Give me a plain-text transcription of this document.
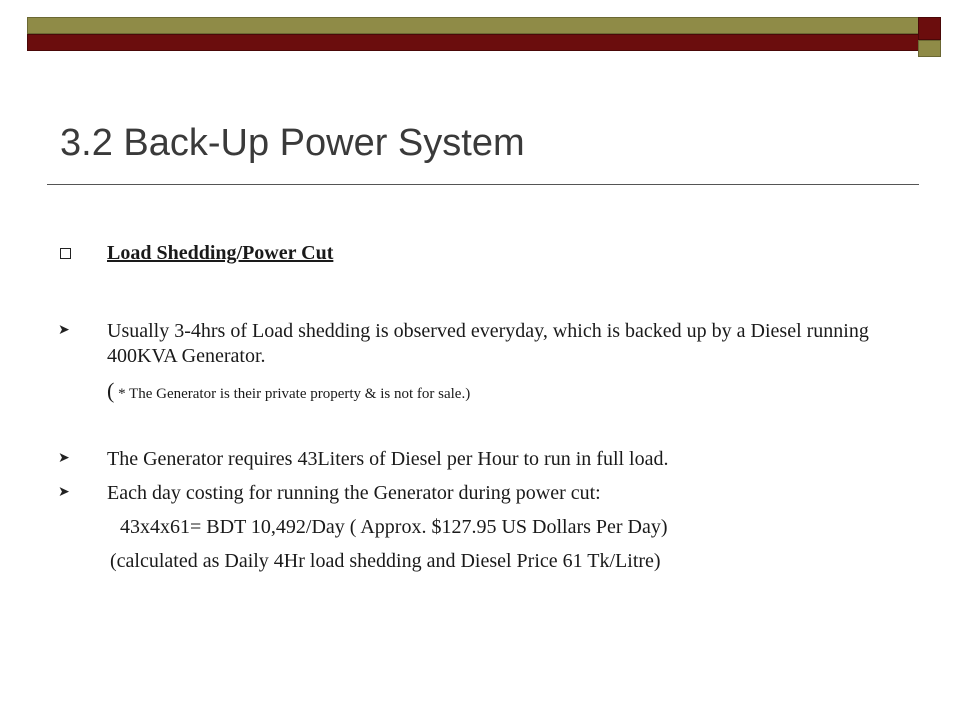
3.2 Back-Up Power System
Load Shedding/Power Cut
➤ Usually 3-4hrs of Load shedding is observed everyday, which is backed up by a Diesel running 400KVA Generator.
( * The Generator is their private property & is not for sale.)
➤ The Generator requires 43Liters of Diesel per Hour to run in full load.
➤ Each day costing for running the Generator during power cut:
43x4x61= BDT 10,492/Day ( Approx. $127.95 US Dollars Per Day)
(calculated as Daily 4Hr load shedding and Diesel Price 61 Tk/Litre)
